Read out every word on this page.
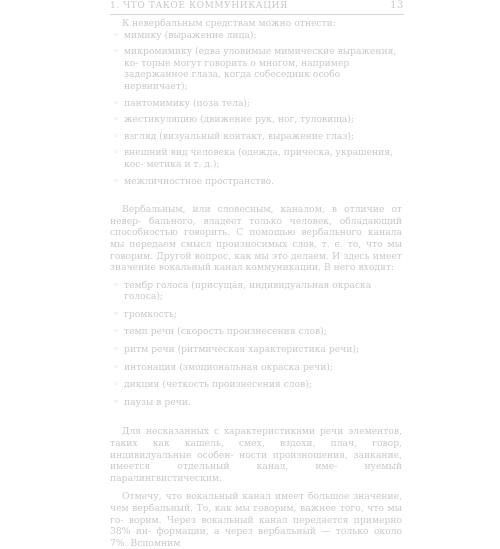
1. ЧТО ТАКОЕ КОММУНИКАЦИЯ	13

К невербальным средствам можно отнести:

◦ мимику (выражение лица);
◦ микромимику (едва уловимые мимические выражения, ко- торые могут говорить о многом, например задержанное глаза, когда собеседник особо нервничает);
◦ пантомимику (поза тела);
◦ жестикуляцию (движение рук, ног, туловища);
◦ взгляд (визуальный контакт, выражение глаз);
◦ внешний вид человека (одежда, прическа, украшения, кос- метика и т. д.);
◦ межличностное пространство.

Вербальным, или словесным, каналом, в отличие от невер- бального, владеет только человек, обладающий способностью говорить. С помощью вербального канала мы передаем смысл произносимых слов, т. е. то, что мы говорим. Другой вопрос, как мы это делаем. И здесь имеет значение вокальный канал коммуникации. В него входят:

◦ тембр голоса (присущая, индивидуальная окраска голоса);
◦ громкость;
◦ темп речи (скорость произнесения слов);
◦ ритм речи (ритмическая характеристика речи);
◦ интонация (эмоциональная окраска речи);
◦ дикция (четкость произнесения слов);
◦ паузы в речи.

Для несказанных с характеристиками речи элементов, таких как кашель, смех, вздохи, плач, говор, индивидуальные особен- ности произношения, заикание, имеется отдельный канал, име- нуемый паралингвистическим.

Отмечу, что вокальный канал имеет большое значение, чем вербальный. То, как мы говорим, важнее того, что мы го- ворим. Через вокальный канал передается примерно 38% ин- формации, а через вербальный — только около 7%. Вспомним
